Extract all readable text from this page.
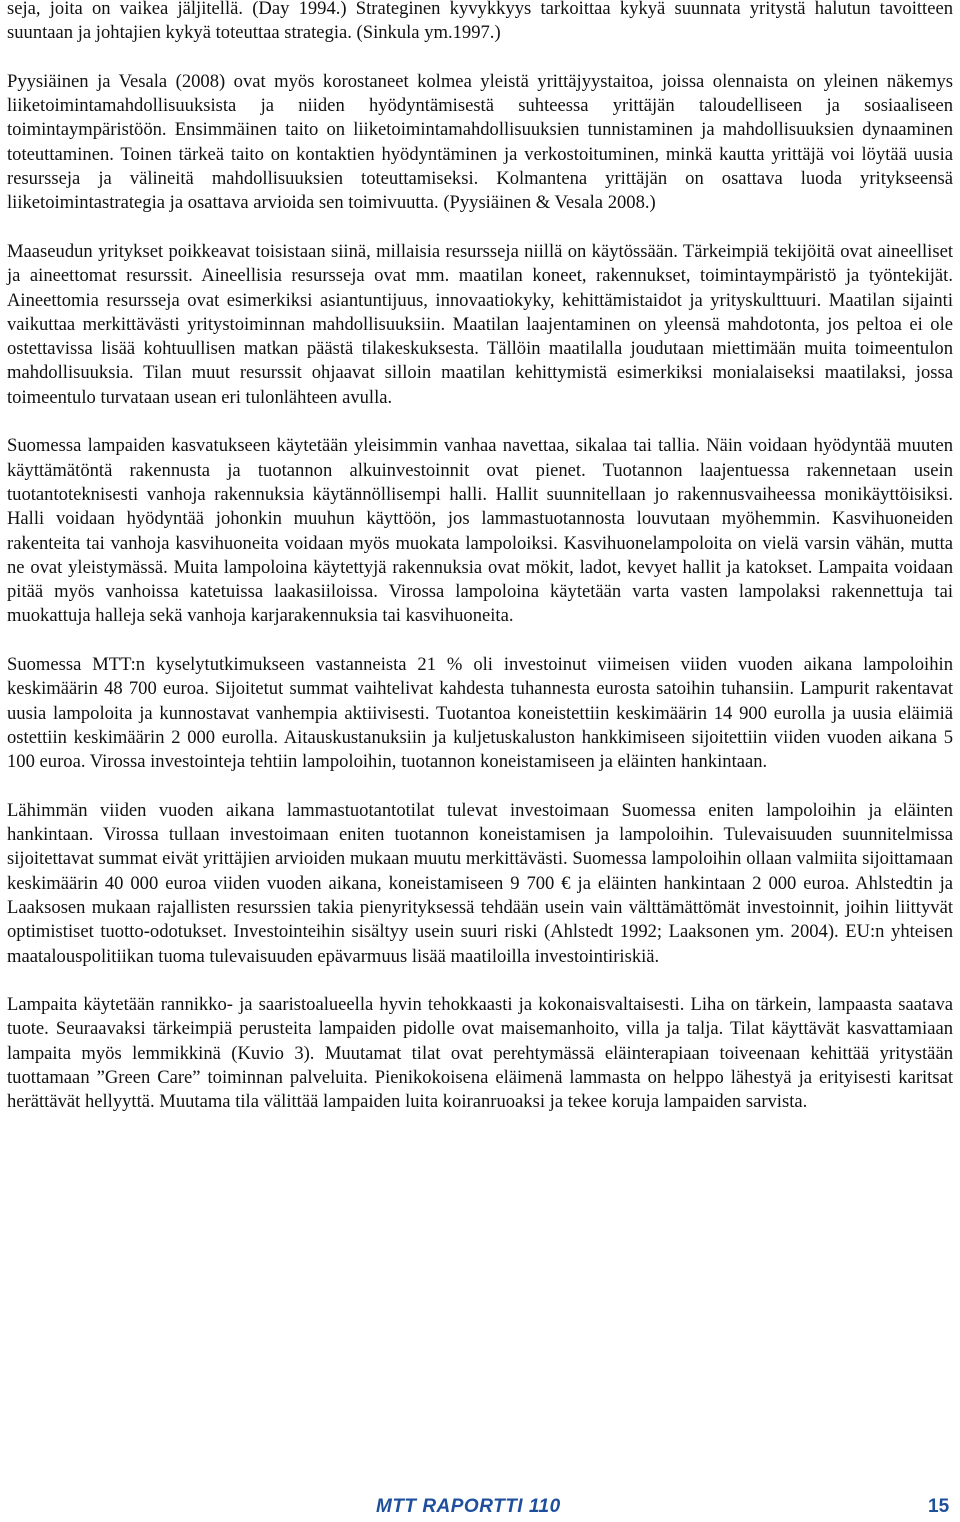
seja, joita on vaikea jäljitellä. (Day 1994.) Strateginen kyvykkyys tarkoittaa kykyä suunnata yritystä halutun tavoitteen suuntaan ja johtajien kykyä toteuttaa strategia. (Sinkula ym.1997.)

Pyysiäinen ja Vesala (2008) ovat myös korostaneet kolmea yleistä yrittäjyystaitoa, joissa olennaista on yleinen näkemys liiketoimintamahdollisuuksista ja niiden hyödyntämisestä suhteessa yrittäjän taloudelliseen ja sosiaaliseen toimintaympäristöön. Ensimmäinen taito on liiketoimintamahdollisuuksien tunnistaminen ja mahdollisuuksien dynaaminen toteuttaminen. Toinen tärkeä taito on kontaktien hyödyntäminen ja verkostoituminen, minkä kautta yrittäjä voi löytää uusia resursseja ja välineitä mahdollisuuksien toteuttamiseksi. Kolmantena yrittäjän on osattava luoda yritykseensä liiketoimintastrategia ja osattava arvioida sen toimivuutta. (Pyysiäinen & Vesala 2008.)

Maaseudun yritykset poikkeavat toisistaan siinä, millaisia resursseja niillä on käytössään. Tärkeimpiä tekijöitä ovat aineelliset ja aineettomat resurssit. Aineellisia resursseja ovat mm. maatilan koneet, rakennukset, toimintaympäristö ja työntekijät. Aineettomia resursseja ovat esimerkiksi asiantuntijuus, innovaatiokyky, kehittämistaidot ja yrityskulttuuri. Maatilan sijainti vaikuttaa merkittävästi yritystoiminnan mahdollisuuksiin. Maatilan laajentaminen on yleensä mahdotonta, jos peltoa ei ole ostettavissa lisää kohtuullisen matkan päästä tilakeskuksesta. Tällöin maatilalla joudutaan miettimään muita toimeentulon mahdollisuuksia. Tilan muut resurssit ohjaavat silloin maatilan kehittymistä esimerkiksi monialaiseksi maatilaksi, jossa toimeentulo turvataan usean eri tulonlähteen avulla.

Suomessa lampaiden kasvatukseen käytetään yleisimmin vanhaa navettaa, sikalaa tai tallia. Näin voidaan hyödyntää muuten käyttämätöntä rakennusta ja tuotannon alkuinvestoinnit ovat pienet. Tuotannon laajentuessa rakennetaan usein tuotantoteknisesti vanhoja rakennuksia käytännöllisempi halli. Hallit suunnitellaan jo rakennusvaiheessa monikäyttöisiksi. Halli voidaan hyödyntää johonkin muuhun käyttöön, jos lammastuotannosta louvutaan myöhemmin. Kasvihuoneiden rakenteita tai vanhoja kasvihuoneita voidaan myös muokata lampoloiksi. Kasvihuonelampoloita on vielä varsin vähän, mutta ne ovat yleistymässä. Muita lampoloina käytettyjä rakennuksia ovat mökit, ladot, kevyet hallit ja katokset. Lampaita voidaan pitää myös vanhoissa katetuissa laakasiiloissa. Virossa lampoloina käytetään varta vasten lampolaksi rakennettuja tai muokattuja halleja sekä vanhoja karjarakennuksia tai kasvihuoneita.

Suomessa MTT:n kyselytutkimukseen vastanneista 21 % oli investoinut viimeisen viiden vuoden aikana lampoloihin keskimäärin 48 700 euroa. Sijoitetut summat vaihtelivat kahdesta tuhannesta eurosta satoihin tuhansiin. Lampurit rakentavat uusia lampoloita ja kunnostavat vanhempia aktiivisesti. Tuotantoa koneistettiin keskimäärin 14 900 eurolla ja uusia eläimiä ostettiin keskimäärin 2 000 eurolla. Aitauskustanuksiin ja kuljetuskaluston hankkimiseen sijoitettiin viiden vuoden aikana 5 100 euroa. Virossa investointeja tehtiin lampoloihin, tuotannon koneistamiseen ja eläinten hankintaan.

Lähimmän viiden vuoden aikana lammastuotantotilat tulevat investoimaan Suomessa eniten lampoloihin ja eläinten hankintaan. Virossa tullaan investoimaan eniten tuotannon koneistamisen ja lampoloihin. Tulevaisuuden suunnitelmissa sijoitettavat summat eivät yrittäjien arvioiden mukaan muutu merkittävästi. Suomessa lampoloihin ollaan valmiita sijoittamaan keskimäärin 40 000 euroa viiden vuoden aikana, koneistamiseen 9 700 € ja eläinten hankintaan 2 000 euroa. Ahlstedtin ja Laaksosen mukaan rajallisten resurssien takia pienyrityksessä tehdään usein vain välttämättömät investoinnit, joihin liittyvät optimistiset tuotto-odotukset. Investointeihin sisältyy usein suuri riski (Ahlstedt 1992; Laaksonen ym. 2004). EU:n yhteisen maatalouspolitiikan tuoma tulevaisuuden epävarmuus lisää maatiloilla investointiriskiä.

Lampaita käytetään rannikko- ja saaristoalueella hyvin tehokkaasti ja kokonaisvaltaisesti. Liha on tärkein, lampaasta saatava tuote. Seuraavaksi tärkeimpiä perusteita lampaiden pidolle ovat maisemanhoito, villa ja talja. Tilat käyttävät kasvattamiaan lampaita myös lemmikkinä (Kuvio 3). Muutamat tilat ovat perehtymässä eläinterapiaan toiveenaan kehittää yritystään tuottamaan ”Green Care” toiminnan palveluita. Pienikokoisena eläimenä lammasta on helppo lähestyä ja erityisesti karitsat herättävät hellyyttä. Muutama tila välittää lampaiden luita koiranruoaksi ja tekee koruja lampaiden sarvista.

MTT RAPORTTI 110	15
